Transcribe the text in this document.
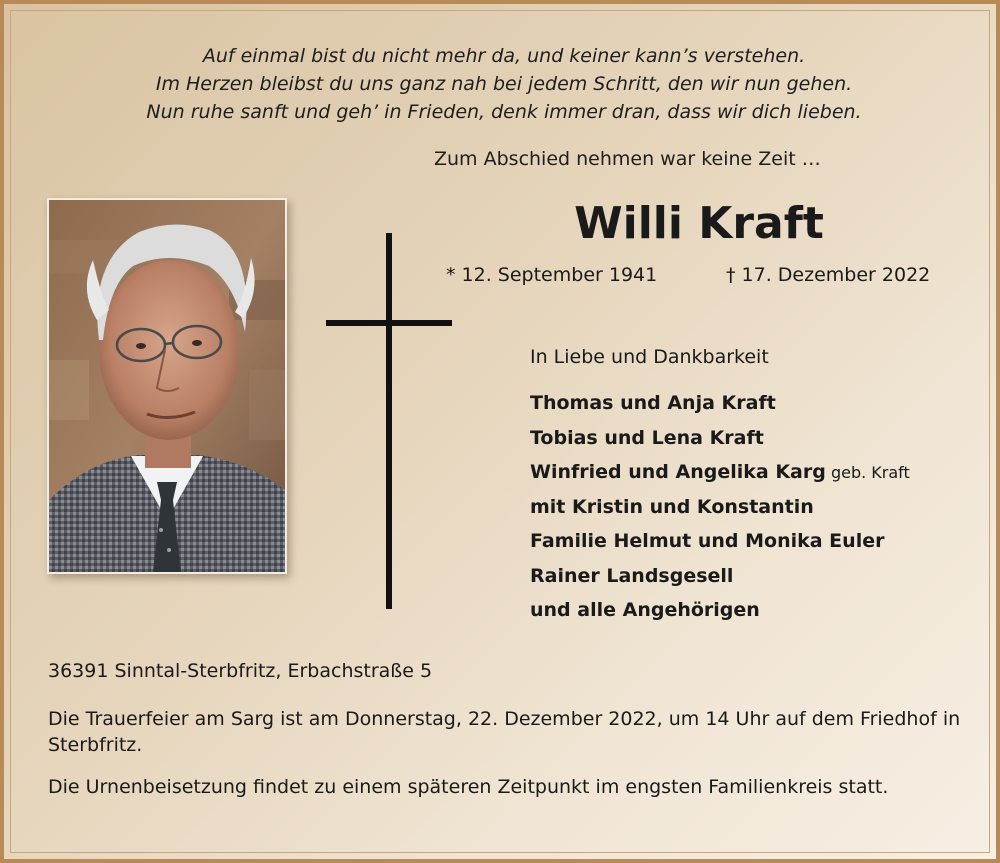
Auf einmal bist du nicht mehr da, und keiner kann’s verstehen.
Im Herzen bleibst du uns ganz nah bei jedem Schritt, den wir nun gehen.
Nun ruhe sanft und geh’ in Frieden, denk immer dran, dass wir dich lieben.
Zum Abschied nehmen war keine Zeit …
Willi Kraft
* 12. September 1941	† 17. Dezember 2022
In Liebe und Dankbarkeit
Thomas und Anja Kraft
Tobias und Lena Kraft
Winfried und Angelika Karg geb. Kraft
mit Kristin und Konstantin
Familie Helmut und Monika Euler
Rainer Landsgesell
und alle Angehörigen
36391 Sinntal-Sterbfritz, Erbachstraße 5

Die Trauerfeier am Sarg ist am Donnerstag, 22. Dezember 2022, um 14 Uhr auf dem Friedhof in Sterbfritz.

Die Urnenbeisetzung findet zu einem späteren Zeitpunkt im engsten Familienkreis statt.
